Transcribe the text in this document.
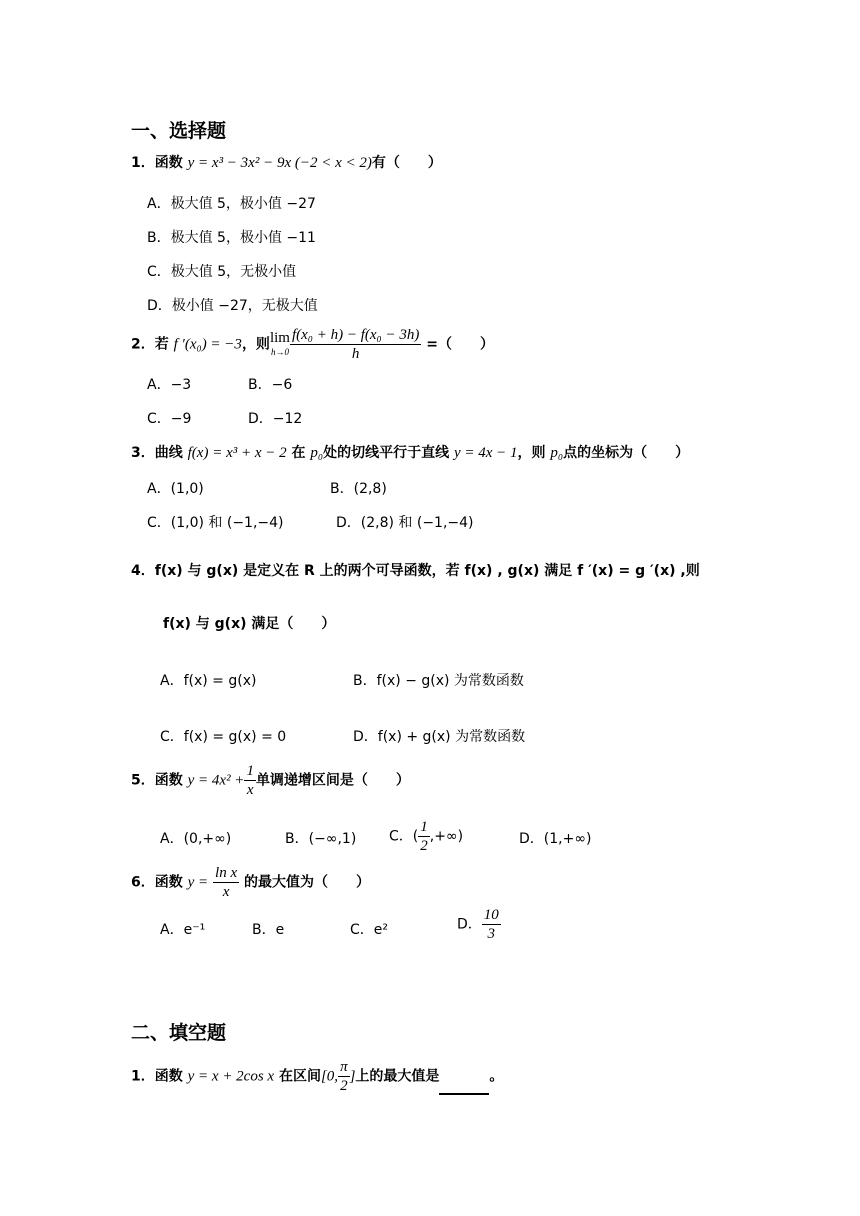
一、选择题
1．函数 y = x³ − 3x² − 9x (−2 < x < 2)有（　　）
A．极大值 5，极小值 −27
B．极大值 5，极小值 −11
C．极大值 5，无极小值
D．极小值 −27，无极大值
2．若 f ′(x₀) = −3，则lim
$h\to 0 \frac{\text{f(x₀ + h) − f(x₀ − 3h)}}{h}$ =（　　）
A．−3	B．−6
C．−9	D．−12
3．曲线 f(x) = x³ + x − 2 在 p₀处的切线平行于直线 y = 4x − 1，则 p₀点的坐标为（　　）
A．(1,0)	B．(2,8)
C．(1,0) 和 (−1,−4)	D．(2,8) 和 (−1,−4)
4．f(x) 与 g(x) 是定义在 R 上的两个可导函数，若 f(x) , g(x) 满足 f ′(x) = g ′(x) ,则
f(x) 与 g(x) 满足（　　）
A．f(x) = g(x)	B．f(x) − g(x) 为常数函数
C．f(x) = g(x) = 0	D．f(x) + g(x) 为常数函数
5．函数 $y = 4x^2 + \frac{1}{x}$ 单调递增区间是（　　）
A．(0,+∞)	B．(−∞,1) C．( $\frac{1}{2}$ ,+∞)	D．(1,+∞)
6．函数 $y = \frac{\text{ln x}}{x}$ 的最大值为（　　）
A．e⁻¹	B．e	C．e²	D． $\frac{10}{3}$
二、填空题
1．函数 y = x + 2cos x 在区间[0, $\frac{\pi}{2}$ ]上的最大值是	。
